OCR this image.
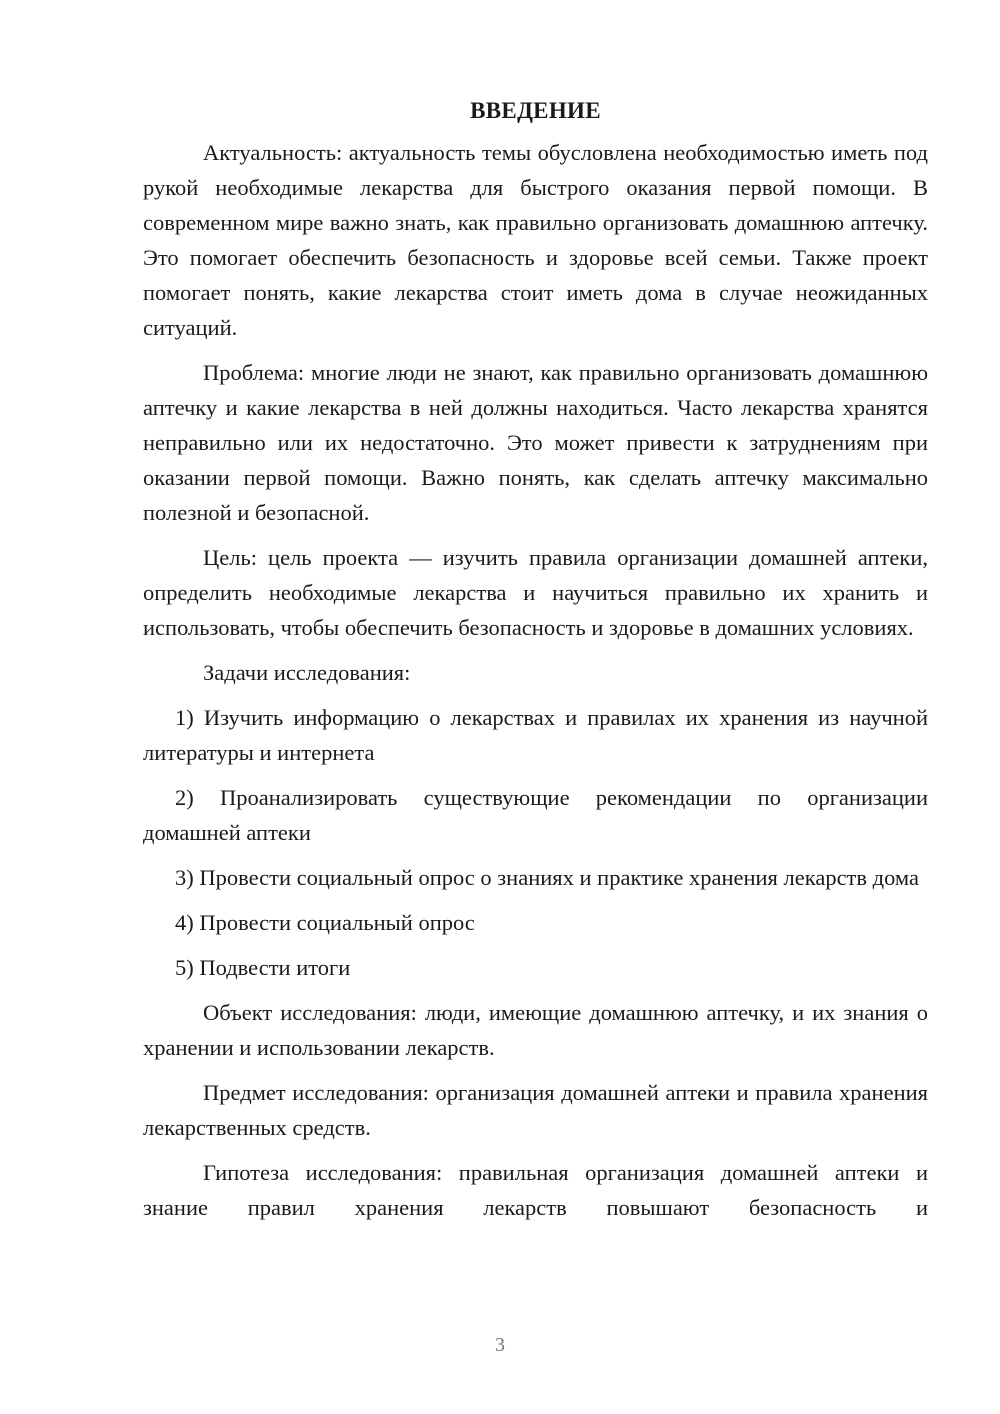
ВВЕДЕНИЕ

Актуальность: актуальность темы обусловлена необходимостью иметь под рукой необходимые лекарства для быстрого оказания первой помощи. В современном мире важно знать, как правильно организовать домашнюю аптечку. Это помогает обеспечить безопасность и здоровье всей семьи. Также проект помогает понять, какие лекарства стоит иметь дома в случае неожиданных ситуаций.

Проблема: многие люди не знают, как правильно организовать домашнюю аптечку и какие лекарства в ней должны находиться. Часто лекарства хранятся неправильно или их недостаточно. Это может привести к затруднениям при оказании первой помощи. Важно понять, как сделать аптечку максимально полезной и безопасной.

Цель: цель проекта — изучить правила организации домашней аптеки, определить необходимые лекарства и научиться правильно их хранить и использовать, чтобы обеспечить безопасность и здоровье в домашних условиях.

Задачи исследования:

1) Изучить информацию о лекарствах и правилах их хранения из научной литературы и интернета

2) Проанализировать существующие рекомендации по организации домашней аптеки

3) Провести социальный опрос о знаниях и практике хранения лекарств дома

4) Провести социальный опрос

5) Подвести итоги

Объект исследования: люди, имеющие домашнюю аптечку, и их знания о хранении и использовании лекарств.

Предмет исследования: организация домашней аптеки и правила хранения лекарственных средств.

Гипотеза исследования: правильная организация домашней аптеки и знание правил хранения лекарств повышают безопасность и

3
